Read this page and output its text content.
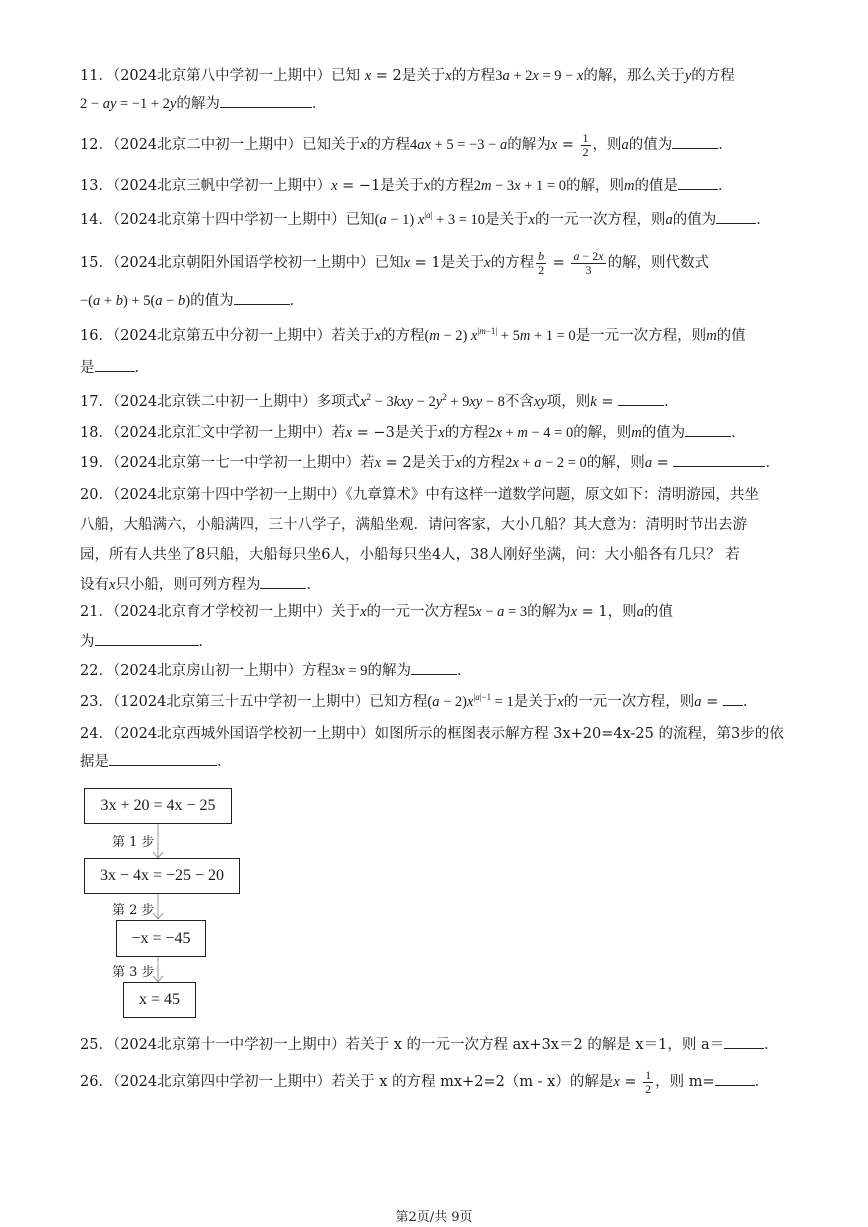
11．（2024北京第八中学初一上期中）已知 x = 2是关于x的方程3a + 2x = 9 − x的解，那么关于y的方程
2 − ay = −1 + 2y的解为	．
12．（2024北京二中初一上期中）已知关于x的方程4ax + 5 = −3 − a的解为$x = \frac{1}{2}$ ，则a的值为	．
13．（2024北京三帆中学初一上期中）x = −1是关于x的方程2m − 3x + 1 = 0的解，则m的值是	．
14．（2024北京第十四中学初一上期中）已知(a − 1) $x^{|a|} + 3 = 10$是关于x的一元一次方程，则a的值为	．
15．（2024北京朝阳外国语学校初一上期中）已知x = 1是关于x的方程 $\frac{b}{2} = \frac{a - 2x}{3}$ 的解，则代数式
−(a + b) + 5(a − b)的值为	．
16．（2024北京第五中分初一上期中）若关于x的方程(m − 2) $x^{|m-1|} + 5m + 1 = 0$是一元一次方程，则m的值
是	．
17．（2024北京铁二中初一上期中）多项式$x^2 - 3kxy - 2y^2 + 9xy - 8$不含xy项，则k =	．
18．（2024北京汇文中学初一上期中）若x = −3是关于x的方程2x + m − 4 = 0的解，则m的值为	．
19．（2024北京第一七一中学初一上期中）若x = 2是关于x的方程2x + a − 2 = 0的解，则a =	．
20．（2024北京第十四中学初一上期中）《九章算术》中有这样一道数学问题，原文如下：清明游园，共坐
八船，大船满六，小船满四，三十八学子，满船坐观．请问客家，大小几船？其大意为：清明时节出去游
园，所有人共坐了8只船，大船每只坐6人，小船每只坐4人，38人刚好坐满，问：大小船各有几只？ 若
设有x只小船，则可列方程为	．
21．（2024北京育才学校初一上期中）关于x的一元一次方程5x − a = 3的解为x = 1，则a的值
为	．
22．（2024北京房山初一上期中）方程3x = 9的解为	．
23．（12024北京第三十五中学初一上期中）已知方程$(a - 2)x^{|a|-1} = 1$是关于x的一元一次方程，则a = ．
24．（2024北京西城外国语学校初一上期中）如图所示的框图表示解方程 3x+20=4x-25 的流程，第3步的依
据是	．
3x + 20 = 4x − 25
第 1 步
3x − 4x = −25 − 20
第 2 步
−x = −45
第 3 步
x = 45
25．（2024北京第十一中学初一上期中）若关于 x 的一元一次方程 ax+3x＝2 的解是 x＝1，则 a＝	．
26．（2024北京第四中学初一上期中）若关于 x 的方程 mx+2=2（m - x）的解是$x = \frac{1}{2}$ ，则 m=	．
第2页/共 9页
